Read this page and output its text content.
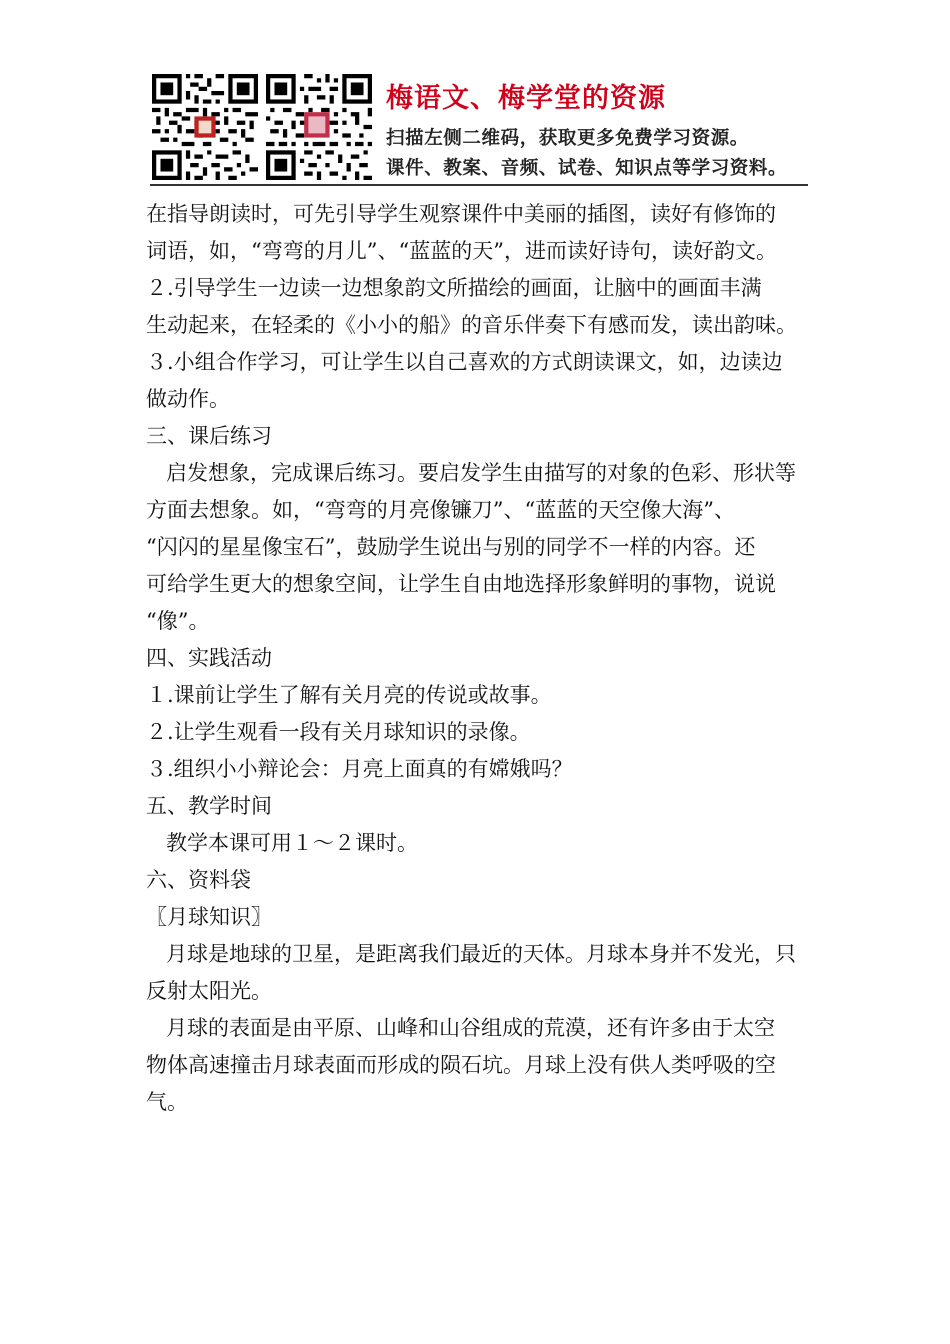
梅语文、梅学堂的资源
扫描左侧二维码，获取更多免费学习资源。
课件、教案、音频、试卷、知识点等学习资料。
在指导朗读时，可先引导学生观察课件中美丽的插图，读好有修饰的
词语，如，“弯弯的月儿”、“蓝蓝的天”，进而读好诗句，读好韵文。
２.引导学生一边读一边想象韵文所描绘的画面，让脑中的画面丰满
生动起来，在轻柔的《小小的船》的音乐伴奏下有感而发，读出韵味。
３.小组合作学习，可让学生以自己喜欢的方式朗读课文，如，边读边
做动作。
三、课后练习
启发想象，完成课后练习。要启发学生由描写的对象的色彩、形状等
方面去想象。如，“弯弯的月亮像镰刀”、“蓝蓝的天空像大海”、
“闪闪的星星像宝石”，鼓励学生说出与别的同学不一样的内容。还
可给学生更大的想象空间，让学生自由地选择形象鲜明的事物，说说
“像”。
四、实践活动
１.课前让学生了解有关月亮的传说或故事。
２.让学生观看一段有关月球知识的录像。
３.组织小小辩论会：月亮上面真的有嫦娥吗？
五、教学时间
教学本课可用１～２课时。
六、资料袋
〖月球知识〗
月球是地球的卫星，是距离我们最近的天体。月球本身并不发光，只
反射太阳光。
月球的表面是由平原、山峰和山谷组成的荒漠，还有许多由于太空
物体高速撞击月球表面而形成的陨石坑。月球上没有供人类呼吸的空
气。
